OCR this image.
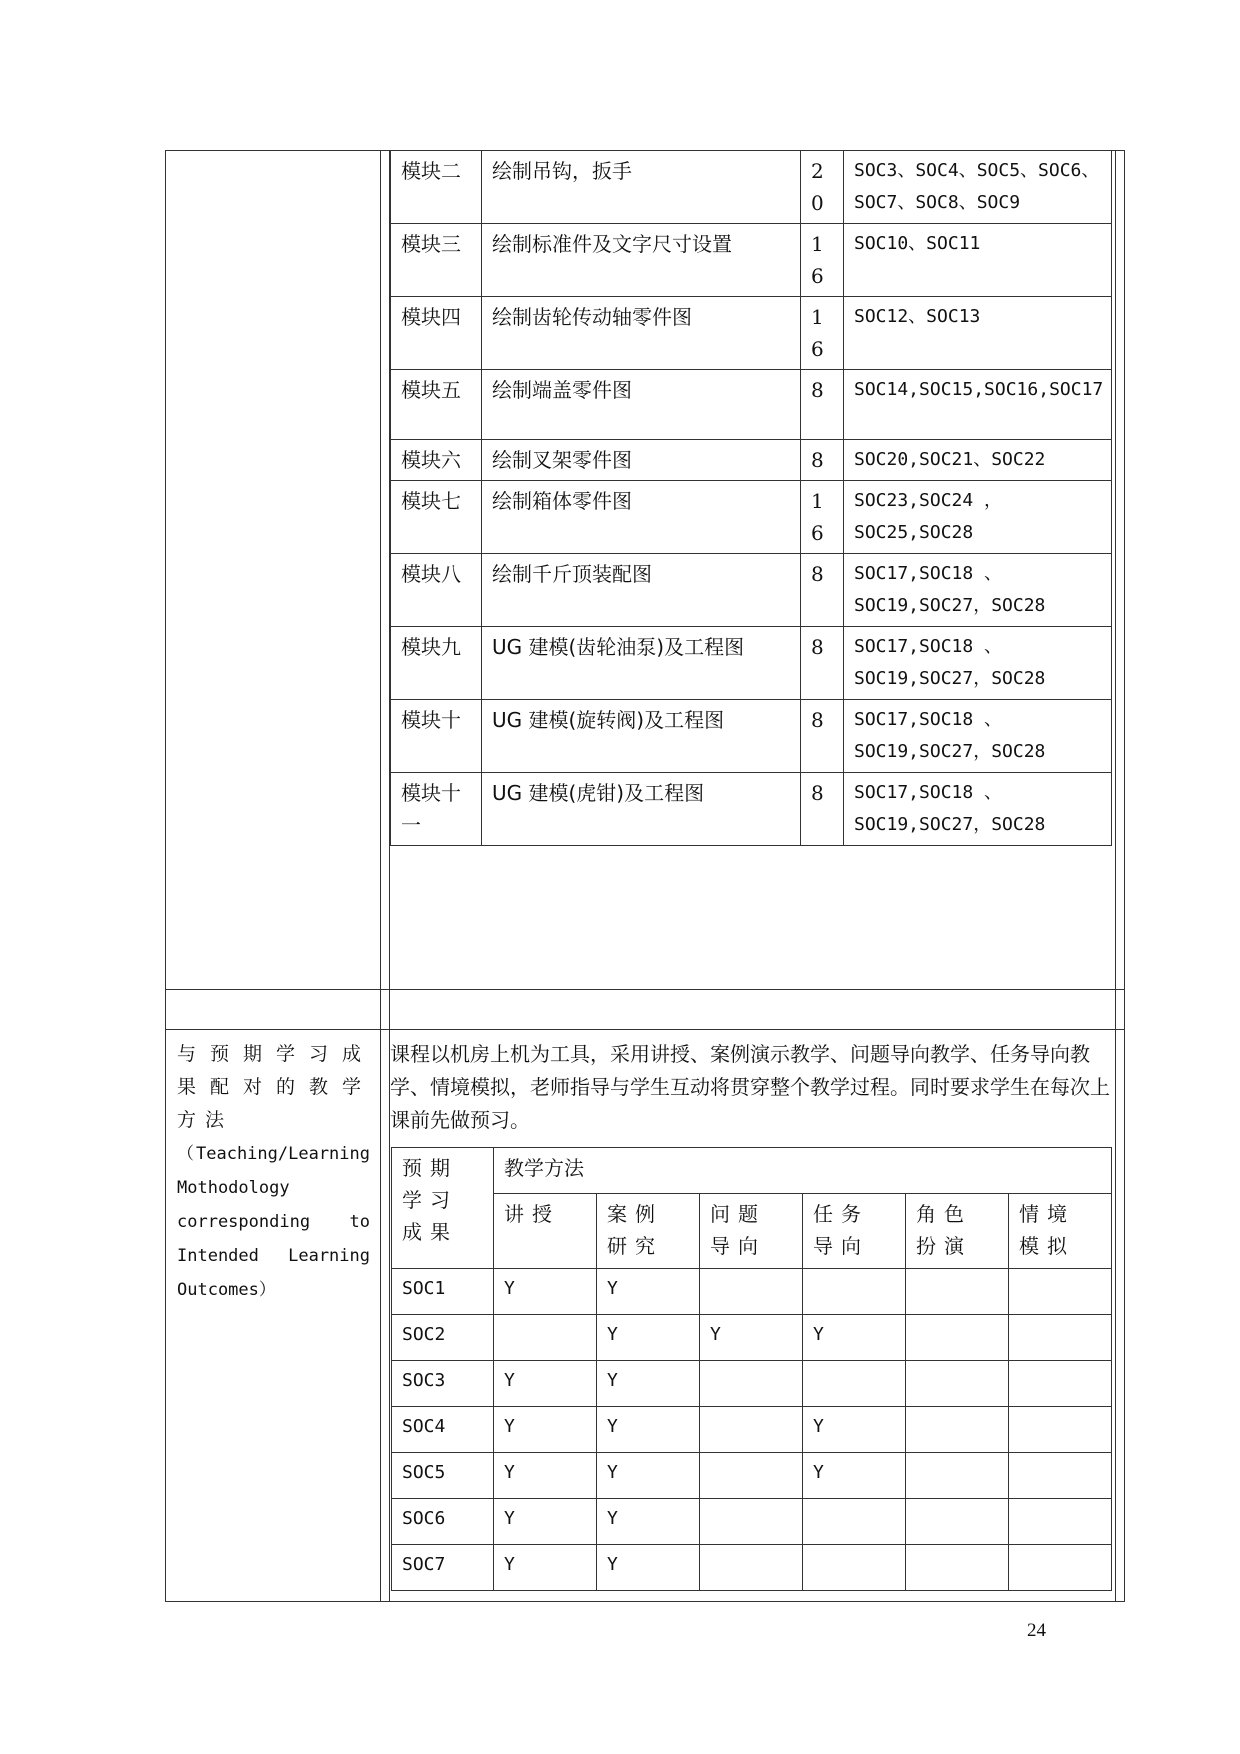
模块二	绘制吊钩，扳手	20	SOC3、SOC4、SOC5、SOC6、SOC7、SOC8、SOC9
模块三	绘制标准件及文字尺寸设置	16	SOC10、SOC11
模块四	绘制齿轮传动轴零件图	16	SOC12、SOC13
模块五	绘制端盖零件图	8	SOC14,SOC15,SOC16,SOC17
模块六	绘制叉架零件图	8	SOC20,SOC21、SOC22
模块七	绘制箱体零件图	16	SOC23,SOC24 ，SOC25,SOC28
模块八	绘制千斤顶装配图	8	SOC17,SOC18 、SOC19,SOC27，SOC28
模块九	UG 建模(齿轮油泵)及工程图	8	SOC17,SOC18 、SOC19,SOC27，SOC28
模块十	UG 建模(旋转阀)及工程图	8	SOC17,SOC18 、SOC19,SOC27，SOC28
模块十一	UG 建模(虎钳)及工程图	8	SOC17,SOC18 、SOC19,SOC27，SOC28
与预期学习成果配对的教学方法
（Teaching/Learning Mothodology corresponding to Intended Learning Outcomes）
课程以机房上机为工具，采用讲授、案例演示教学、问题导向教学、任务导向教学、情境模拟，老师指导与学生互动将贯穿整个教学过程。同时要求学生在每次上课前先做预习。
预期学习成果	教学方法					
	讲授	案例研究	问题导向	任务导向	角色扮演	情境模拟
SOC1	Y	Y				
SOC2		Y	Y	Y		
SOC3	Y	Y				
SOC4	Y	Y		Y		
SOC5	Y	Y		Y		
SOC6	Y	Y				
SOC7	Y	Y				
24
